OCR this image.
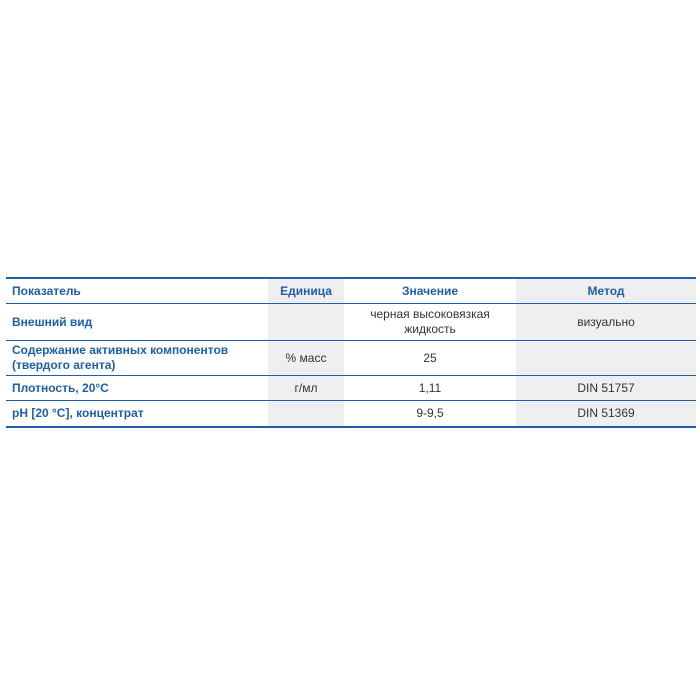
Показатель	Единица	Значение	Метод
Внешний вид		черная высоковязкая жидкость	визуально
Содержание активных компонентов (твердого агента)	% масс	25	
Плотность, 20°C	г/мл	1,11	DIN 51757
pH [20 °C], концентрат		9-9,5	DIN 51369
